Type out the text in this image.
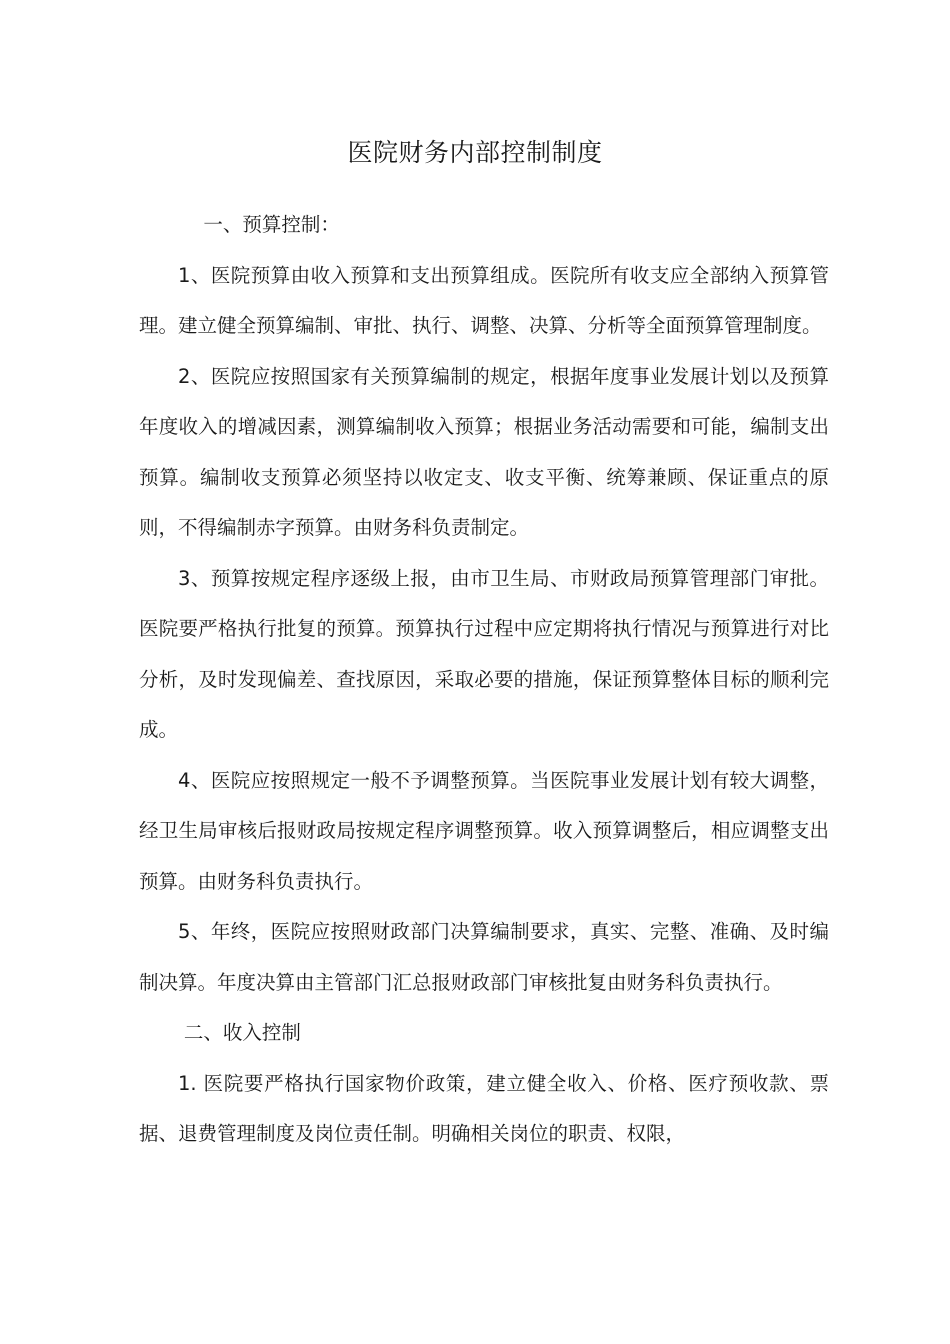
医院财务内部控制制度

一、预算控制：

1、医院预算由收入预算和支出预算组成。医院所有收支应全部纳入预算管理。建立健全预算编制、审批、执行、调整、决算、分析等全面预算管理制度。

2、医院应按照国家有关预算编制的规定，根据年度事业发展计划以及预算年度收入的增减因素，测算编制收入预算；根据业务活动需要和可能，编制支出预算。编制收支预算必须坚持以收定支、收支平衡、统筹兼顾、保证重点的原则，不得编制赤字预算。由财务科负责制定。

3、预算按规定程序逐级上报，由市卫生局、市财政局预算管理部门审批。医院要严格执行批复的预算。预算执行过程中应定期将执行情况与预算进行对比分析，及时发现偏差、查找原因，采取必要的措施，保证预算整体目标的顺利完成。

4、医院应按照规定一般不予调整预算。当医院事业发展计划有较大调整，经卫生局审核后报财政局按规定程序调整预算。收入预算调整后，相应调整支出预算。由财务科负责执行。

5、年终，医院应按照财政部门决算编制要求，真实、完整、准确、及时编制决算。年度决算由主管部门汇总报财政部门审核批复由财务科负责执行。

二、收入控制

1. 医院要严格执行国家物价政策，建立健全收入、价格、医疗预收款、票据、退费管理制度及岗位责任制。明确相关岗位的职责、权限，
